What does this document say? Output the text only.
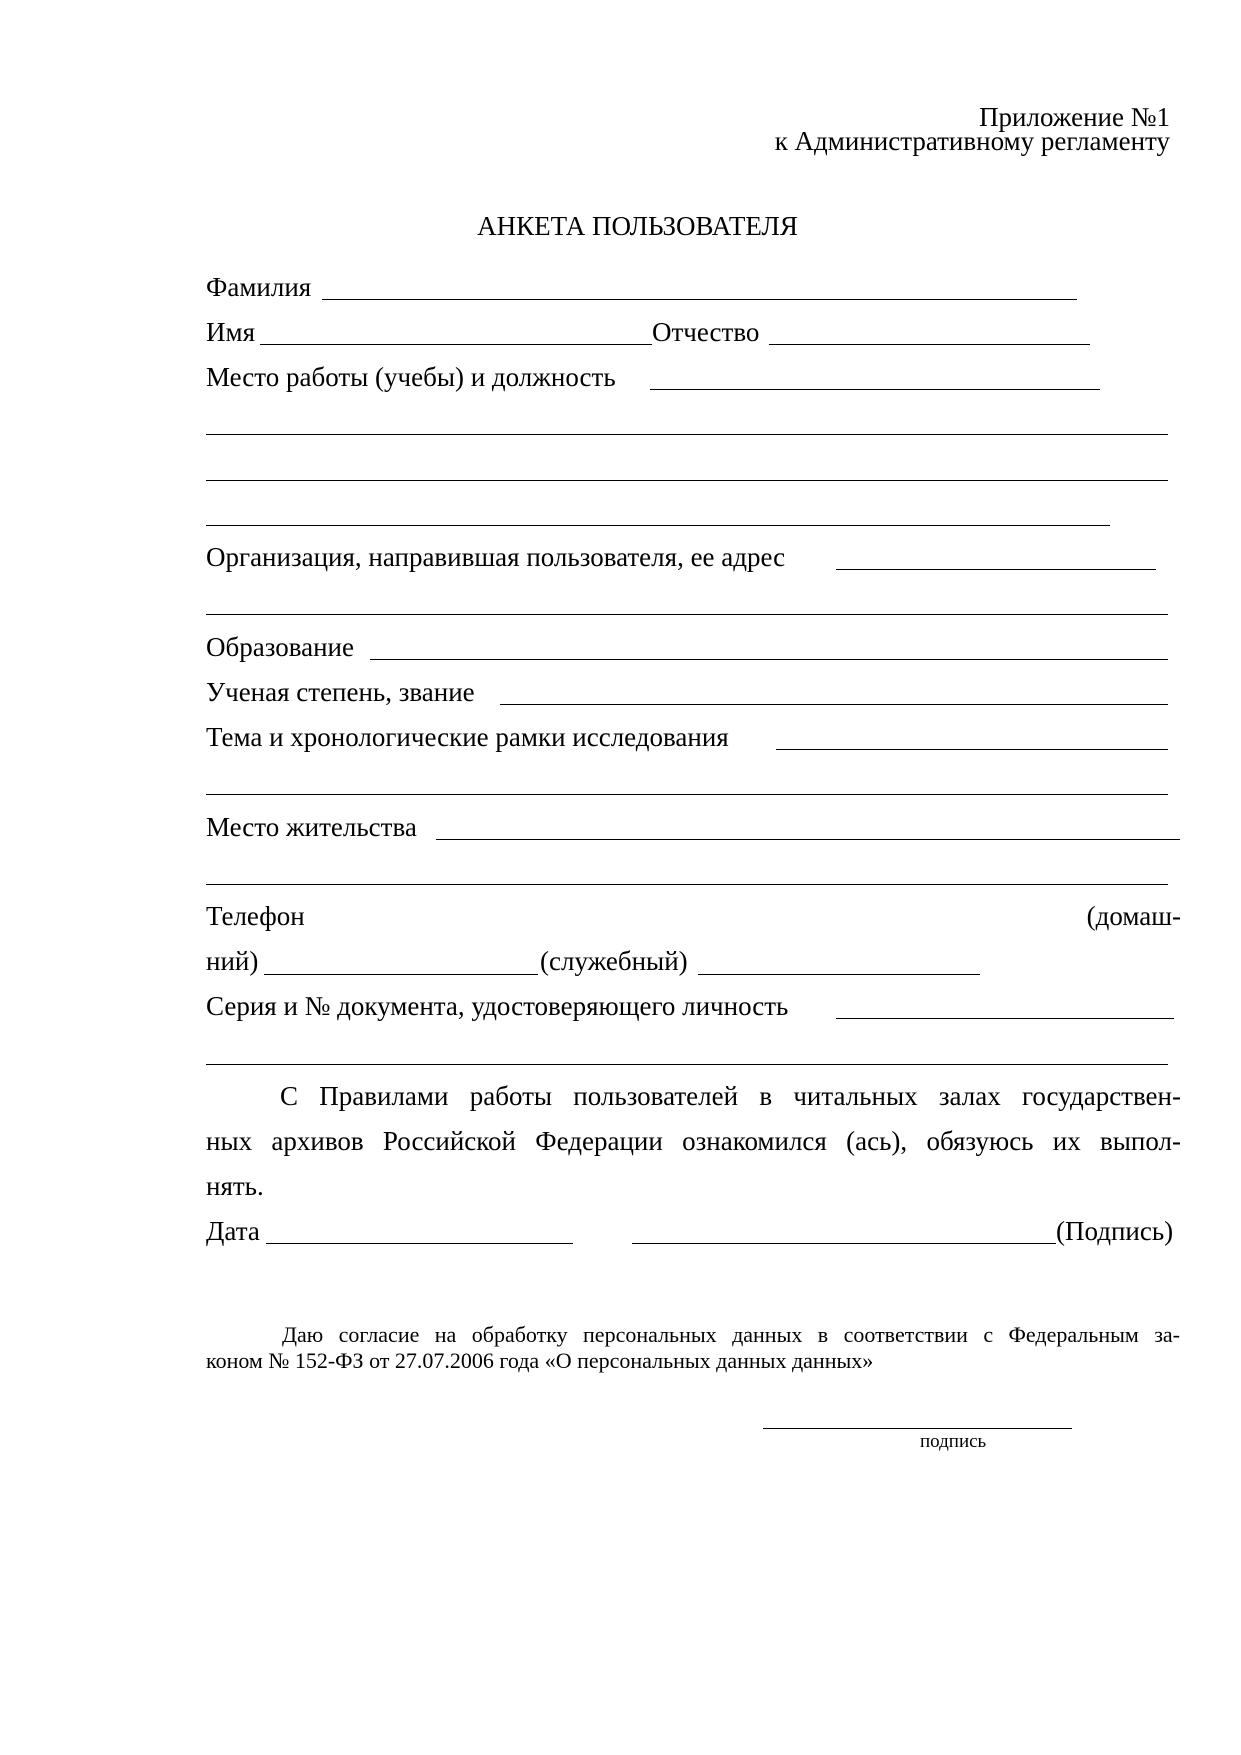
Приложение №1
к Административному регламенту
АНКЕТА ПОЛЬЗОВАТЕЛЯ
Фамилия
Имя	Отчество
Место работы (учебы) и должность
Организация, направившая пользователя, ее адрес
Образование
Ученая степень, звание
Тема и хронологические рамки исследования
Место жительства
Телефон	(домаш-
ний)	(служебный)
Серия и № документа, удостоверяющего личность
С Правилами работы пользователей в читальных залах государствен-
ных архивов Российской Федерации ознакомился (ась), обязуюсь их выпол-
нять.
Дата	(Подпись)
Даю согласие на обработку персональных данных в соответствии с Федеральным за-
коном № 152-ФЗ от 27.07.2006 года «О персональных данных данных»
подпись
